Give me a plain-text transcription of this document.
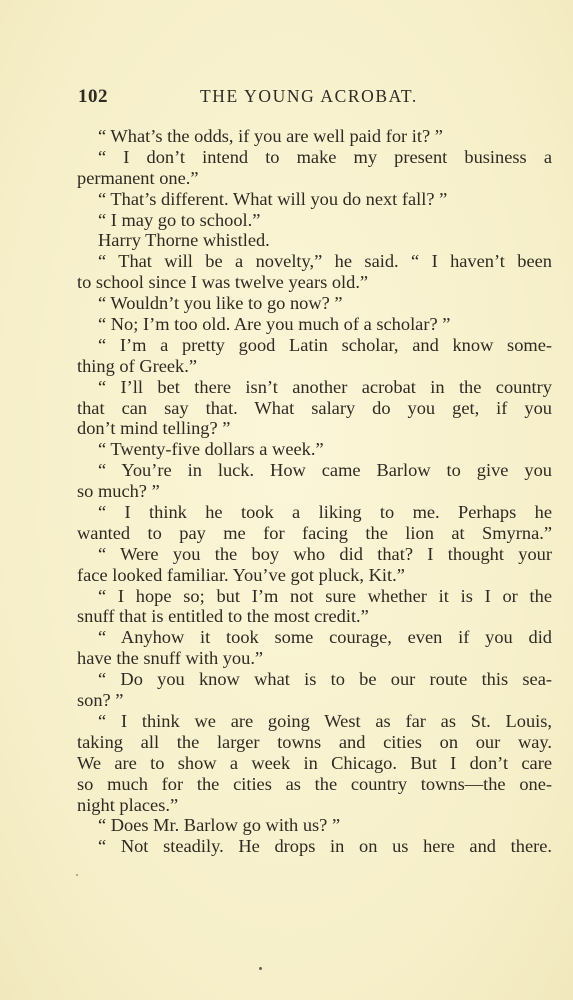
102	THE YOUNG ACROBAT.
“ What’s the odds, if you are well paid for it? ”
“ I don’t intend to make my present business a
permanent one.”
“ That’s different. What will you do next fall? ”
“ I may go to school.”
Harry Thorne whistled.
“ That will be a novelty,” he said. “ I haven’t been
to school since I was twelve years old.”
“ Wouldn’t you like to go now? ”
“ No; I’m too old. Are you much of a scholar? ”
“ I’m a pretty good Latin scholar, and know some-
thing of Greek.”
“ I’ll bet there isn’t another acrobat in the country
that can say that. What salary do you get, if you
don’t mind telling? ”
“ Twenty-five dollars a week.”
“ You’re in luck. How came Barlow to give you
so much? ”
“ I think he took a liking to me. Perhaps he
wanted to pay me for facing the lion at Smyrna.”
“ Were you the boy who did that? I thought your
face looked familiar. You’ve got pluck, Kit.”
“ I hope so; but I’m not sure whether it is I or the
snuff that is entitled to the most credit.”
“ Anyhow it took some courage, even if you did
have the snuff with you.”
“ Do you know what is to be our route this sea-
son? ”
“ I think we are going West as far as St. Louis,
taking all the larger towns and cities on our way.
We are to show a week in Chicago. But I don’t care
so much for the cities as the country towns—the one-
night places.”
“ Does Mr. Barlow go with us? ”
“ Not steadily. He drops in on us here and there.
